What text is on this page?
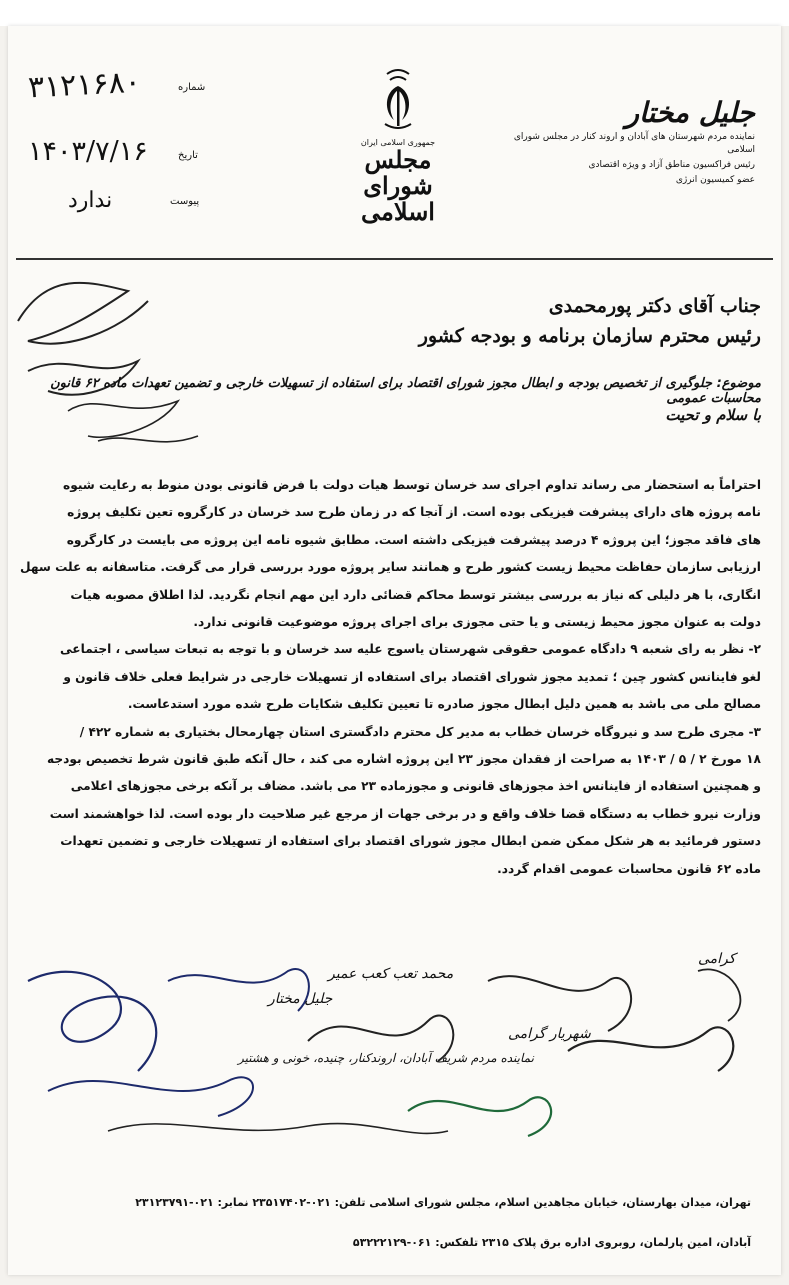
۳۱۲۱۶۸۰	شماره
۱۴۰۳/۷/۱۶	تاریخ
ندارد	پیوست
جمهوری اسلامی ایران
مجلس شورای
اسلامی
جلیل مختار
نماینده مردم شهرستان های آبادان و اروند کنار در مجلس شورای اسلامی
رئیس فراکسیون مناطق آزاد و ویژه اقتصادی
عضو کمیسیون انرژی
جناب آقای دکتر پورمحمدی
رئیس محترم سازمان برنامه و بودجه کشور
موضوع: جلوگیری از تخصیص بودجه و ابطال مجوز شورای اقتصاد برای استفاده از تسهیلات خارجی و تضمین تعهدات ماده ۶۲ قانون محاسبات عمومی
با سلام و تحیت

احتراماً به استحضار می رساند تداوم اجرای سد خرسان توسط هیات دولت با فرض قانونی بودن منوط به رعایت شیوه

نامه پروژه های دارای پیشرفت فیزیکی بوده است. از آنجا که در زمان طرح سد خرسان در کارگروه تعین تکلیف پروژه

های فاقد مجوز؛ این پروژه ۴ درصد پیشرفت فیزیکی داشته است. مطابق شیوه نامه این پروژه می بایست در کارگروه

ارزیابی سازمان حفاظت محیط زیست کشور طرح و همانند سایر پروژه مورد بررسی قرار می گرفت. متاسفانه به علت سهل

انگاری، با هر دلیلی که نیاز به بررسی بیشتر توسط محاکم قضائی دارد این مهم انجام نگردید. لذا اطلاق مصوبه هیات

دولت به عنوان مجوز محیط زیستی و یا حتی مجوزی برای اجرای پروژه موضوعیت قانونی ندارد.

۲- نظر به رای شعبه ۹ دادگاه عمومی حقوقی شهرستان یاسوج علیه سد خرسان و با توجه به تبعات سیاسی ، اجتماعی

لغو فاینانس کشور چین ؛ تمدید مجوز شورای اقتصاد برای استفاده از تسهیلات خارجی در شرایط فعلی خلاف قانون و

مصالح ملی می باشد به همین دلیل ابطال مجوز صادره تا تعیین تکلیف شکایات طرح شده مورد استدعاست.

۳- مجری طرح سد و نیروگاه خرسان خطاب به مدیر کل محترم دادگستری استان چهارمحال بختیاری به شماره ۴۲۲ /

۱۸ مورخ ۲ / ۵ / ۱۴۰۳ به صراحت از فقدان مجوز ۲۳ این پروژه اشاره می کند ، حال آنکه طبق قانون شرط تخصیص بودجه

و همچنین استفاده از فاینانس اخذ مجوزهای قانونی و مجوزماده ۲۳ می باشد. مضاف بر آنکه برخی مجوزهای اعلامی

وزارت نیرو خطاب به دستگاه قضا خلاف واقع و در برخی جهات از مرجع غیر صلاحیت دار بوده است. لذا خواهشمند است

دستور فرمائید به هر شکل ممکن ضمن ابطال مجوز شورای اقتصاد برای استفاده از تسهیلات خارجی و تضمین تعهدات

ماده ۶۲ قانون محاسبات عمومی اقدام گردد.

جلیل مختار
محمد تعب کعب عمیر
شهریار گرامی
کرامی
نماینده مردم شریف آبادان، اروندکنار، چنیده، خونی و هشتیر
تهران، میدان بهارستان، خیابان مجاهدین اسلام، مجلس شورای اسلامی تلفن: ۰۲۱-۲۳۵۱۷۴۰۲ نمابر: ۰۲۱-۲۳۱۲۳۷۹۱
آبادان، امین پارلمان، روبروی اداره برق پلاک ۲۳۱۵ تلفکس: ۰۶۱-۵۳۲۲۲۱۲۹
